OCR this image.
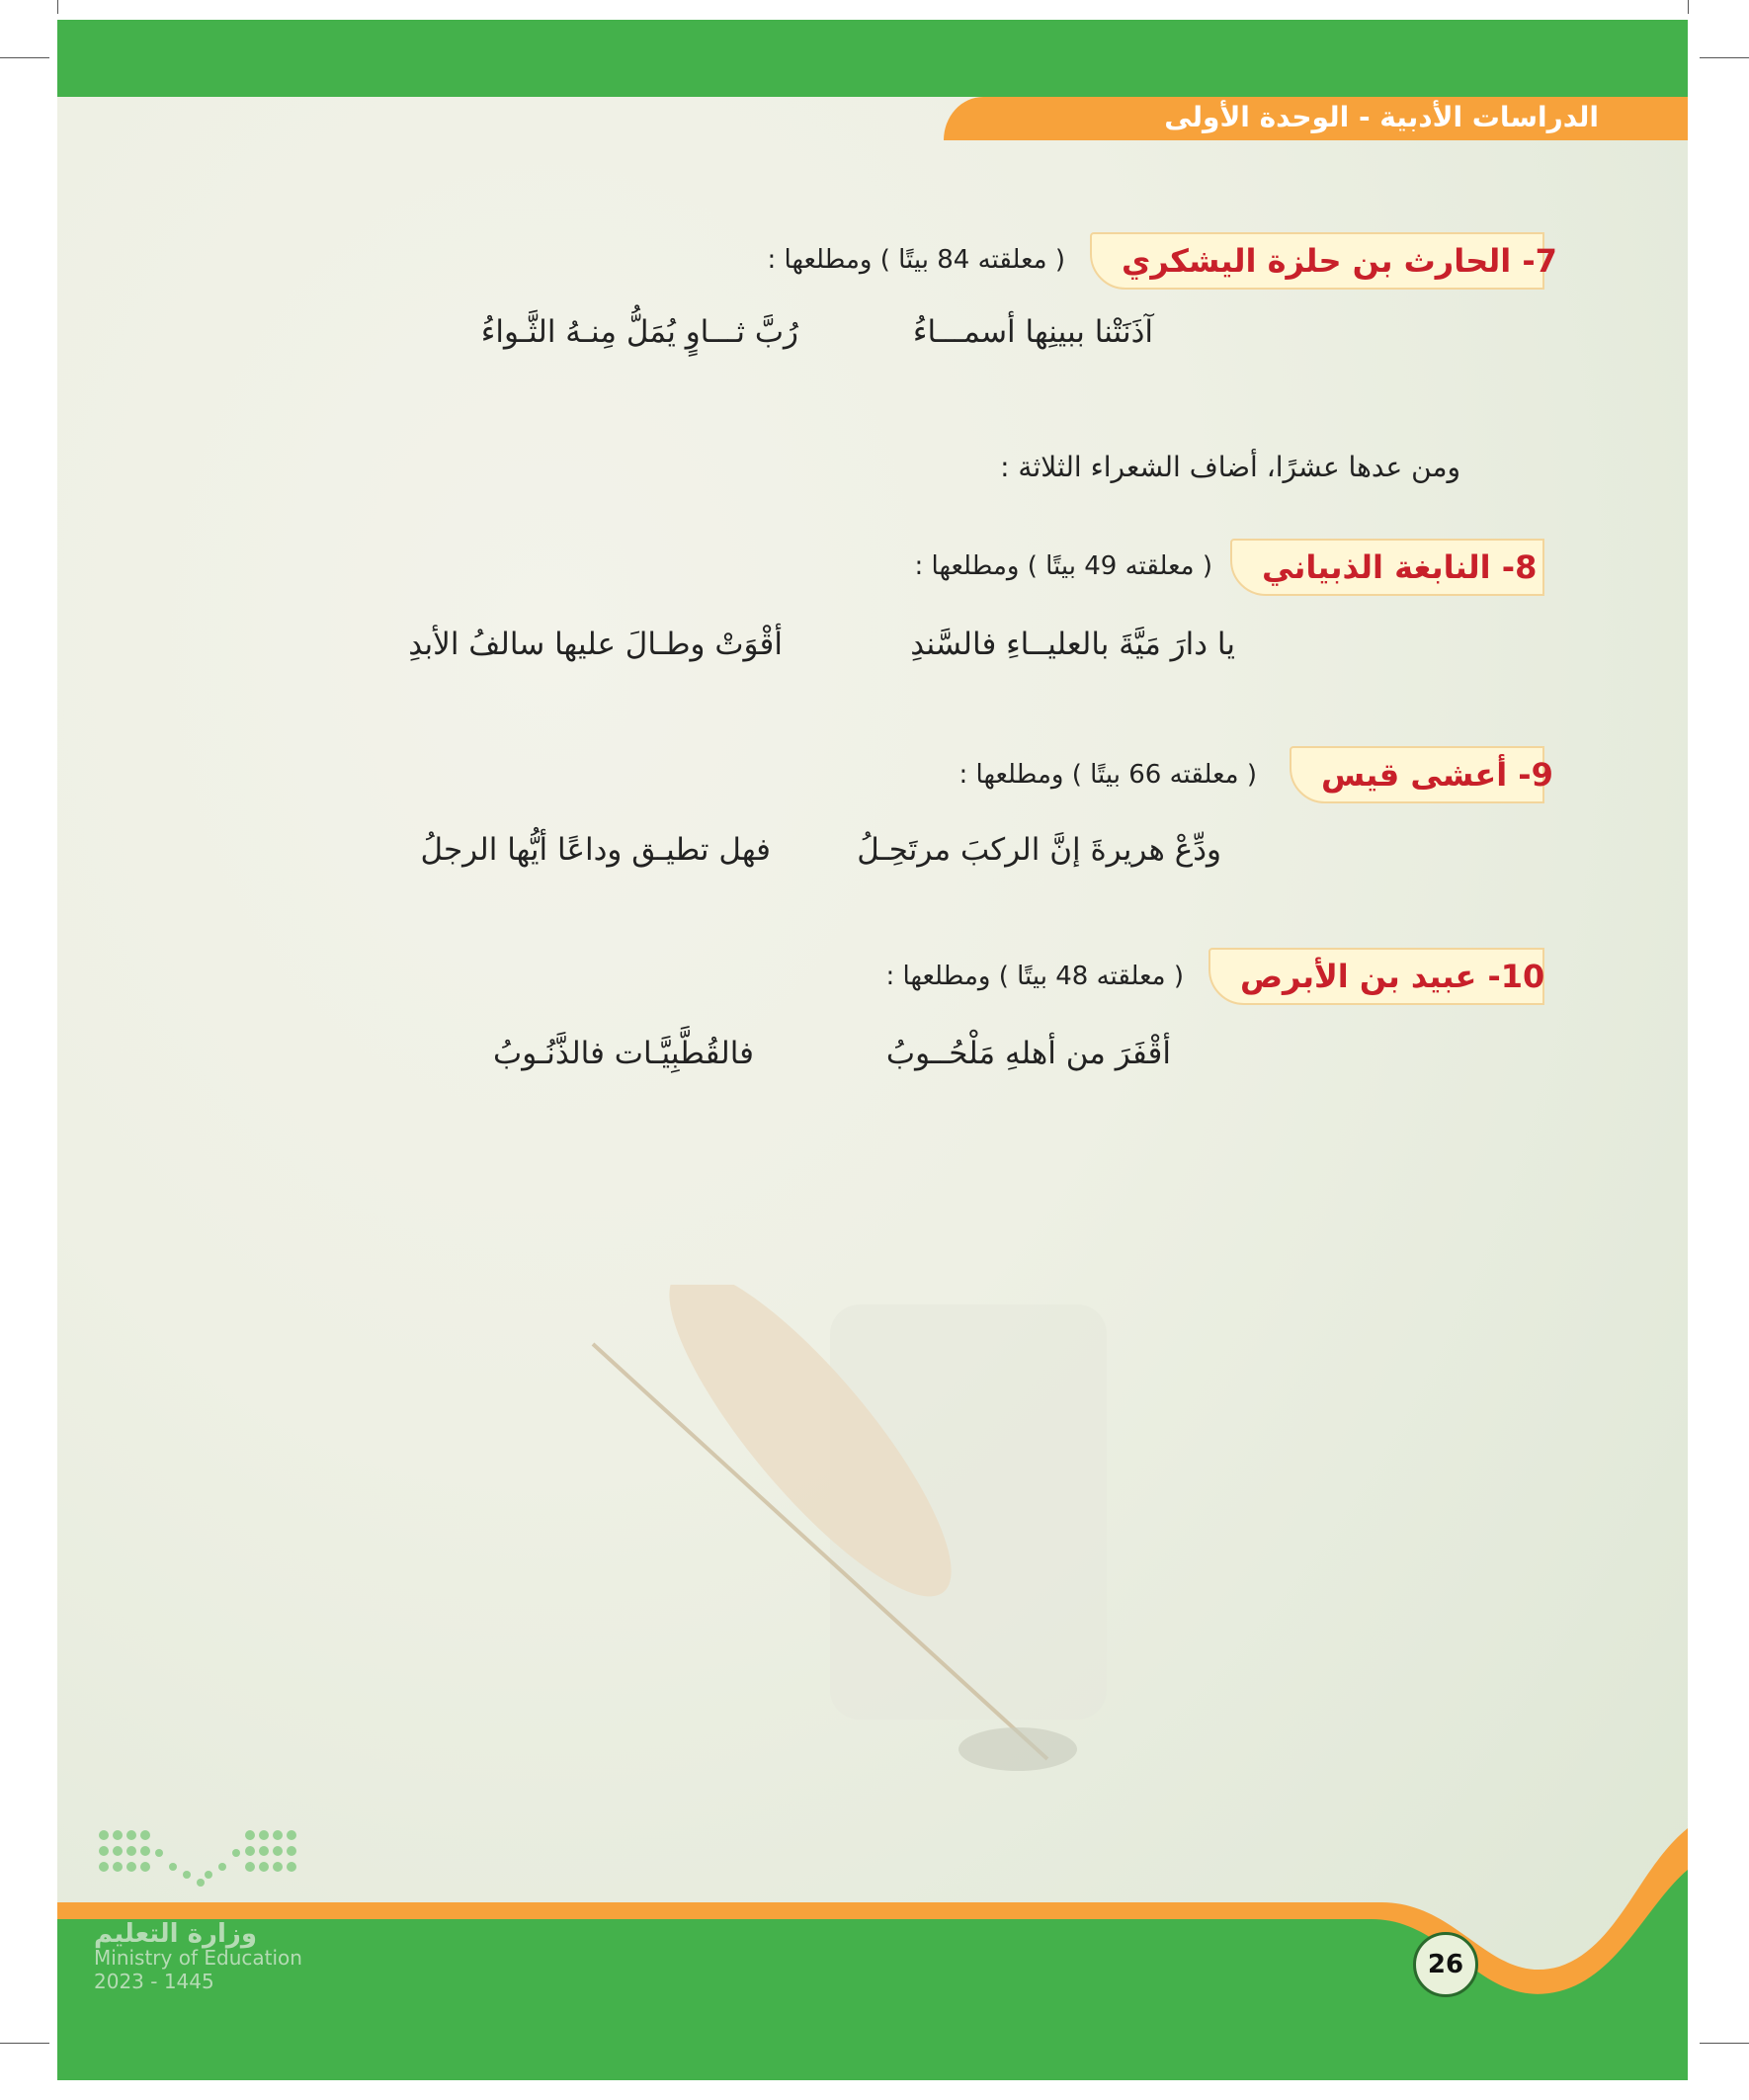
الدراسات الأدبية - الوحدة الأولى
7- الحارث بن حلزة اليشكري
( معلقته 84 بيتًا ) ومطلعها :
آذَنَتْنا ببينِها أسمـــاءُ
رُبَّ ثـــاوٍ يُمَلُّ مِنـهُ الثَّـواءُ
ومن عدها عشرًا، أضاف الشعراء الثلاثة :
8- النابغة الذبياني
( معلقته 49 بيتًا ) ومطلعها :
يا دارَ مَيَّةَ بالعليــاءِ فالسَّندِ
أقْوَتْ وطـالَ عليها سالفُ الأبدِ
9- أعشى قيس
( معلقته 66 بيتًا ) ومطلعها :
ودِّعْ هريرةَ إنَّ الركبَ مرتَحِـلُ
فهل تطيـق وداعًا أيُّها الرجلُ
10- عبيد بن الأبرص
( معلقته 48 بيتًا ) ومطلعها :
أقْفَرَ من أهلهِ مَلْحُــوبُ
فالقُطَّبِيَّـات فالذَّنُـوبُ
وزارة التعليم
Ministry of Education
2023 - 1445
26
